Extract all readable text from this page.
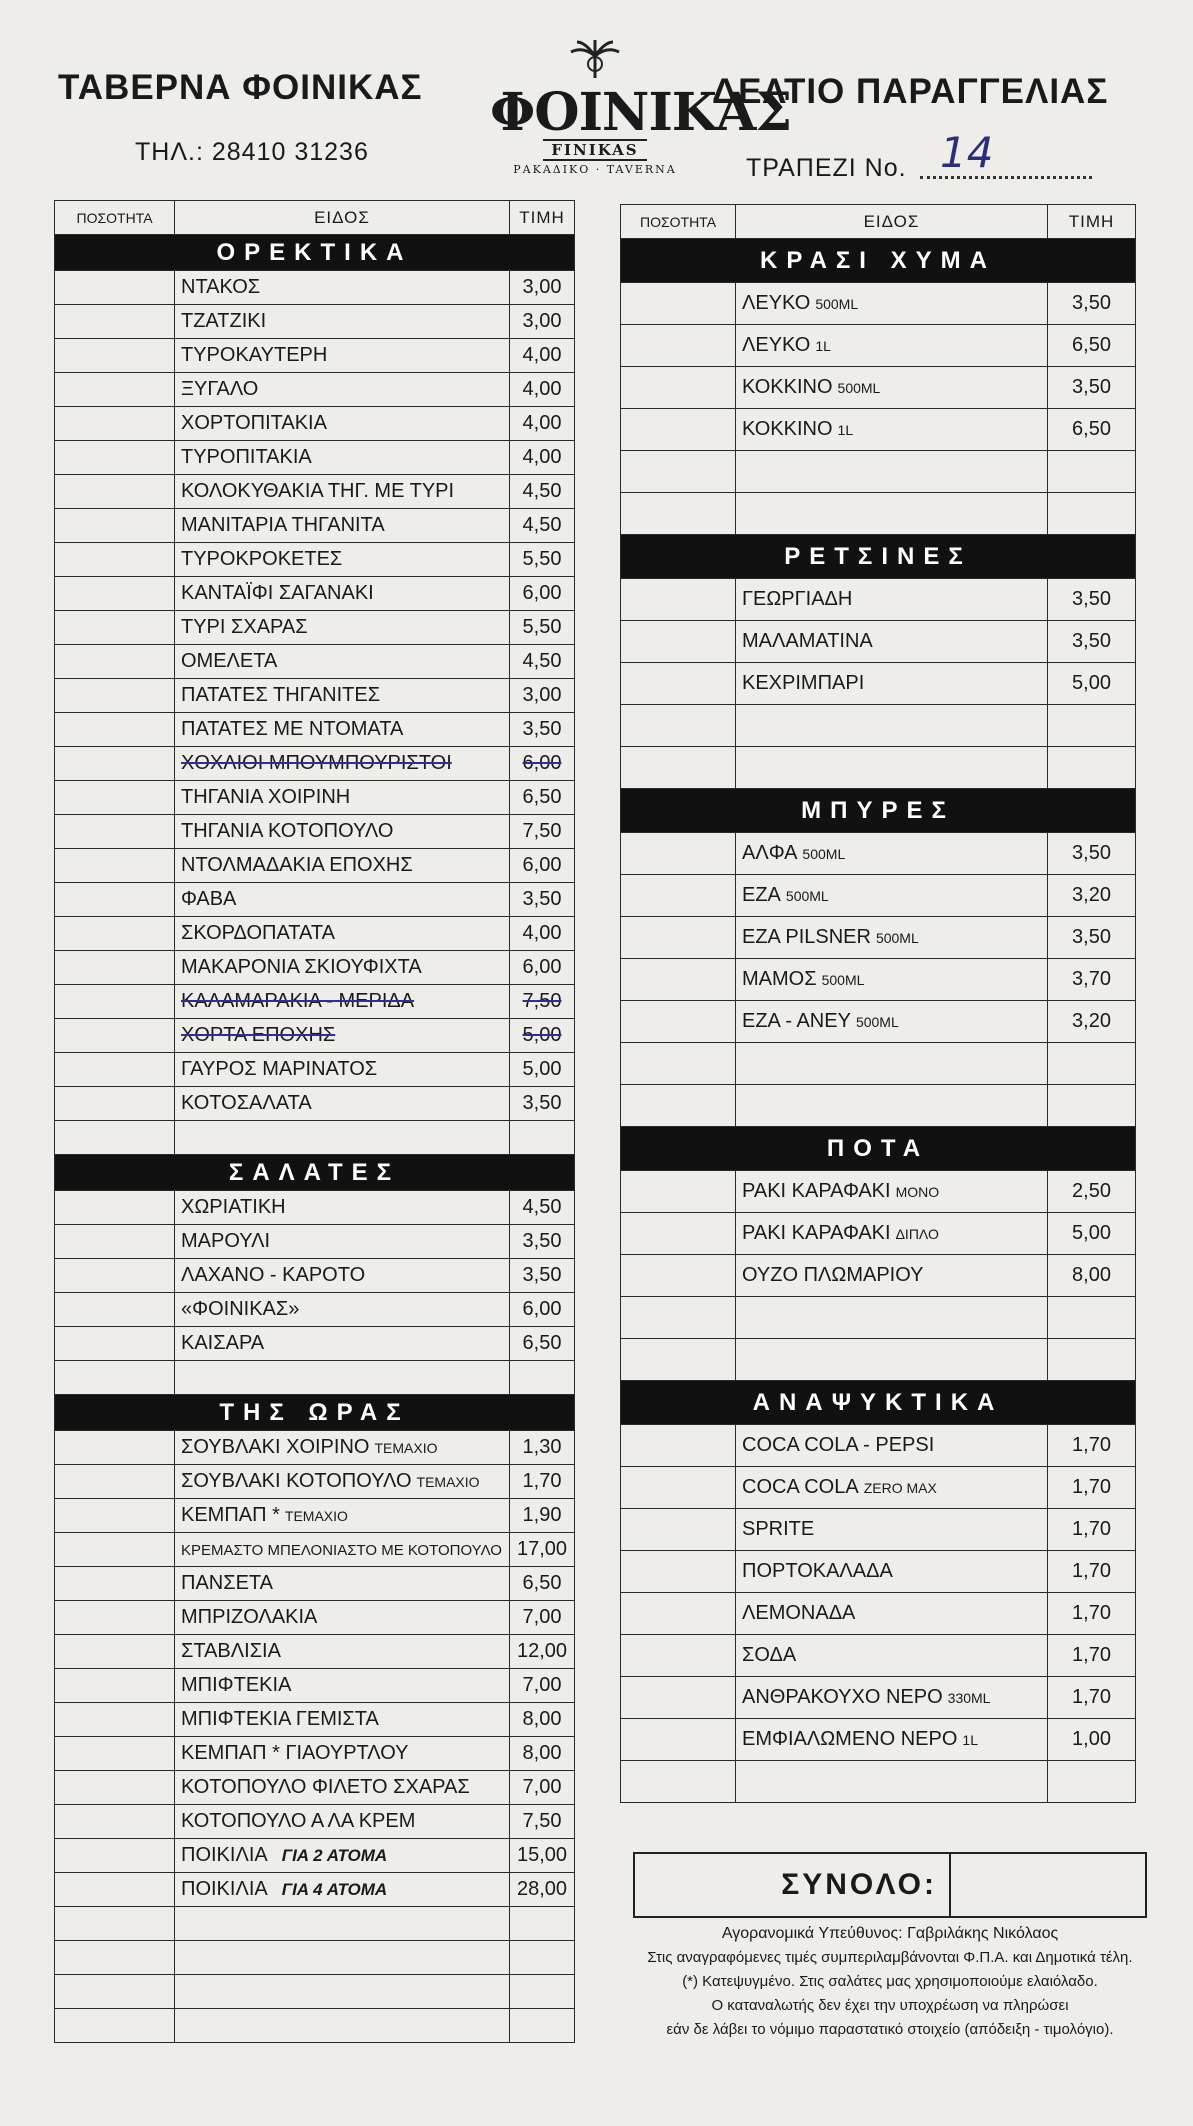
ΤΑΒΕΡΝΑ ΦΟΙΝΙΚΑΣ
ΤΗΛ.: 28410 31236
ΦΟΙΝΙΚΑΣ
FINIKAS
ΡΑΚΑΔΙΚΟ · TAVERNA
ΔΕΛΤΙΟ ΠΑΡΑΓΓΕΛΙΑΣ
ΤΡΑΠΕΖΙ No. 14
ΠΟΣΟΤΗΤΑ	ΕΙΔΟΣ	ΤΙΜΗ
ΟΡΕΚΤΙΚΑ		
	ΝΤΑΚΟΣ	3,00
	ΤΖΑΤΖΙΚΙ	3,00
	ΤΥΡΟΚΑΥΤΕΡΗ	4,00
	ΞΥΓΑΛΟ	4,00
	ΧΟΡΤΟΠΙΤΑΚΙΑ	4,00
	ΤΥΡΟΠΙΤΑΚΙΑ	4,00
	ΚΟΛΟΚΥΘΑΚΙΑ ΤΗΓ. ΜΕ ΤΥΡΙ	4,50
	ΜΑΝΙΤΑΡΙΑ ΤΗΓΑΝΙΤΑ	4,50
	ΤΥΡΟΚΡΟΚΕΤΕΣ	5,50
	ΚΑΝΤΑΪΦΙ ΣΑΓΑΝΑΚΙ	6,00
	ΤΥΡΙ ΣΧΑΡΑΣ	5,50
	ΟΜΕΛΕΤΑ	4,50
	ΠΑΤΑΤΕΣ ΤΗΓΑΝΙΤΕΣ	3,00
	ΠΑΤΑΤΕΣ ΜΕ ΝΤΟΜΑΤΑ	3,50
	ΧΟΧΛΙΟΙ ΜΠΟΥΜΠΟΥΡΙΣΤΟΙ	6,00
	ΤΗΓΑΝΙΑ ΧΟΙΡΙΝΗ	6,50
	ΤΗΓΑΝΙΑ ΚΟΤΟΠΟΥΛΟ	7,50
	ΝΤΟΛΜΑΔΑΚΙΑ ΕΠΟΧΗΣ	6,00
	ΦΑΒΑ	3,50
	ΣΚΟΡΔΟΠΑΤΑΤΑ	4,00
	ΜΑΚΑΡΟΝΙΑ ΣΚΙΟΥΦΙΧΤΑ	6,00
	ΚΑΛΑΜΑΡΑΚΙΑ - ΜΕΡΙΔΑ	7,50
	ΧΟΡΤΑ ΕΠΟΧΗΣ	5,00
	ΓΑΥΡΟΣ ΜΑΡΙΝΑΤΟΣ	5,00
	ΚΟΤΟΣΑΛΑΤΑ	3,50

ΣΑΛΑΤΕΣ		
	ΧΩΡΙΑΤΙΚΗ	4,50
	ΜΑΡΟΥΛΙ	3,50
	ΛΑΧΑΝΟ - ΚΑΡΟΤΟ	3,50
	«ΦΟΙΝΙΚΑΣ»	6,00
	ΚΑΙΣΑΡΑ	6,50

ΤΗΣ ΩΡΑΣ		
	ΣΟΥΒΛΑΚΙ ΧΟΙΡΙΝΟ ΤΕΜΑΧΙΟ	1,30
	ΣΟΥΒΛΑΚΙ ΚΟΤΟΠΟΥΛΟ ΤΕΜΑΧΙΟ	1,70
	ΚΕΜΠΑΠ * ΤΕΜΑΧΙΟ	1,90
	ΚΡΕΜΑΣΤΟ ΜΠΕΛΟΝΙΑΣΤΟ ΜΕ ΚΟΤΟΠΟΥΛΟ	17,00
	ΠΑΝΣΕΤΑ	6,50
	ΜΠΡΙΖΟΛΑΚΙΑ	7,00
	ΣΤΑΒΛΙΣΙΑ	12,00
	ΜΠΙΦΤΕΚΙΑ	7,00
	ΜΠΙΦΤΕΚΙΑ ΓΕΜΙΣΤΑ	8,00
	ΚΕΜΠΑΠ * ΓΙΑΟΥΡΤΛΟΥ	8,00
	ΚΟΤΟΠΟΥΛΟ ΦΙΛΕΤΟ ΣΧΑΡΑΣ	7,00
	ΚΟΤΟΠΟΥΛΟ Α ΛΑ ΚΡΕΜ	7,50
	ΠΟΙΚΙΛΙΑ ΓΙΑ 2 ΑΤΟΜΑ	15,00
	ΠΟΙΚΙΛΙΑ ΓΙΑ 4 ΑΤΟΜΑ	28,00

ΠΟΣΟΤΗΤΑ	ΕΙΔΟΣ	ΤΙΜΗ
ΚΡΑΣΙ ΧΥΜΑ		
	ΛΕΥΚΟ 500ML	3,50
	ΛΕΥΚΟ 1L	6,50
	ΚΟΚΚΙΝΟ 500ML	3,50
	ΚΟΚΚΙΝΟ 1L	6,50

ΡΕΤΣΙΝΕΣ		
	ΓΕΩΡΓΙΑΔΗ	3,50
	ΜΑΛΑΜΑΤΙΝΑ	3,50
	ΚΕΧΡΙΜΠΑΡΙ	5,00

ΜΠΥΡΕΣ		
	ΑΛΦΑ 500ML	3,50
	ΕΖΑ 500ML	3,20
	ΕΖΑ PILSNER 500ML	3,50
	ΜΑΜΟΣ 500ML	3,70
	ΕΖΑ - ΑΝΕΥ 500ML	3,20

ΠΟΤΑ		
	ΡΑΚΙ ΚΑΡΑΦΑΚΙ ΜΟΝΟ	2,50
	ΡΑΚΙ ΚΑΡΑΦΑΚΙ ΔΙΠΛΟ	5,00
	ΟΥΖΟ ΠΛΩΜΑΡΙΟΥ	8,00

ΑΝΑΨΥΚΤΙΚΑ		
	COCA COLA - PEPSI	1,70
	COCA COLA ZERO MAX	1,70
	SPRITE	1,70
	ΠΟΡΤΟΚΑΛΑΔΑ	1,70
	ΛΕΜΟΝΑΔΑ	1,70
	ΣΟΔΑ	1,70
	ΑΝΘΡΑΚΟΥΧΟ ΝΕΡΟ 330ML	1,70
	ΕΜΦΙΑΛΩΜΕΝΟ ΝΕΡΟ 1L	1,00

ΣΥΝΟΛΟ:
Αγορανομικά Υπεύθυνος: Γαβριλάκης Νικόλαος
Στις αναγραφόμενες τιμές συμπεριλαμβάνονται Φ.Π.Α. και Δημοτικά τέλη.
(*) Κατεψυγμένο. Στις σαλάτες μας χρησιμοποιούμε ελαιόλαδο.
Ο καταναλωτής δεν έχει την υποχρέωση να πληρώσει
εάν δε λάβει το νόμιμο παραστατικό στοιχείο (απόδειξη - τιμολόγιο).
